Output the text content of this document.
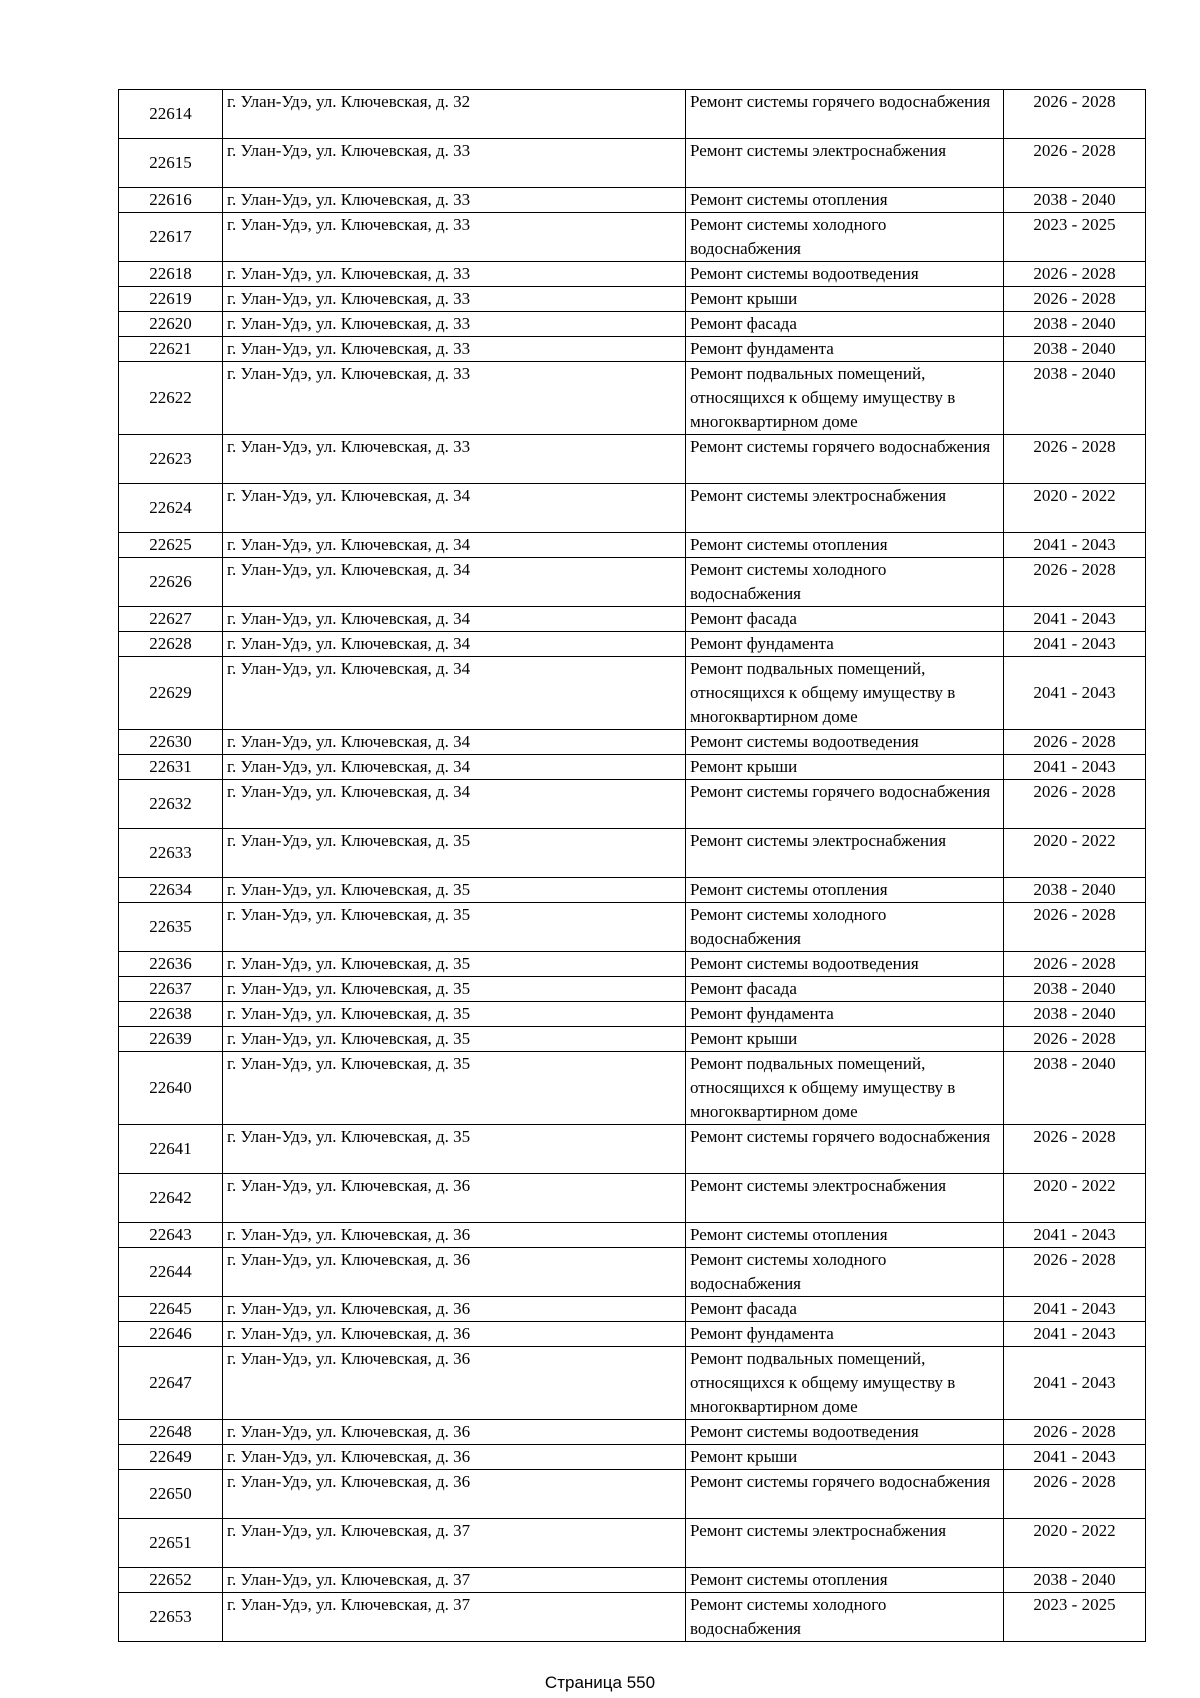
22614	г. Улан-Удэ, ул. Ключевская, д. 32	Ремонт системы горячего водоснабжения	2026 - 2028
22615	г. Улан-Удэ, ул. Ключевская, д. 33	Ремонт системы электроснабжения	2026 - 2028
22616	г. Улан-Удэ, ул. Ключевская, д. 33	Ремонт системы отопления	2038 - 2040
22617	г. Улан-Удэ, ул. Ключевская, д. 33	Ремонт системы холодного водоснабжения	2023 - 2025
22618	г. Улан-Удэ, ул. Ключевская, д. 33	Ремонт системы водоотведения	2026 - 2028
22619	г. Улан-Удэ, ул. Ключевская, д. 33	Ремонт крыши	2026 - 2028
22620	г. Улан-Удэ, ул. Ключевская, д. 33	Ремонт фасада	2038 - 2040
22621	г. Улан-Удэ, ул. Ключевская, д. 33	Ремонт фундамента	2038 - 2040
22622	г. Улан-Удэ, ул. Ключевская, д. 33	Ремонт подвальных помещений, относящихся к общему имуществу в многоквартирном доме	2038 - 2040
22623	г. Улан-Удэ, ул. Ключевская, д. 33	Ремонт системы горячего водоснабжения	2026 - 2028
22624	г. Улан-Удэ, ул. Ключевская, д. 34	Ремонт системы электроснабжения	2020 - 2022
22625	г. Улан-Удэ, ул. Ключевская, д. 34	Ремонт системы отопления	2041 - 2043
22626	г. Улан-Удэ, ул. Ключевская, д. 34	Ремонт системы холодного водоснабжения	2026 - 2028
22627	г. Улан-Удэ, ул. Ключевская, д. 34	Ремонт фасада	2041 - 2043
22628	г. Улан-Удэ, ул. Ключевская, д. 34	Ремонт фундамента	2041 - 2043
22629	г. Улан-Удэ, ул. Ключевская, д. 34	Ремонт подвальных помещений, относящихся к общему имуществу в многоквартирном доме	2041 - 2043
22630	г. Улан-Удэ, ул. Ключевская, д. 34	Ремонт системы водоотведения	2026 - 2028
22631	г. Улан-Удэ, ул. Ключевская, д. 34	Ремонт крыши	2041 - 2043
22632	г. Улан-Удэ, ул. Ключевская, д. 34	Ремонт системы горячего водоснабжения	2026 - 2028
22633	г. Улан-Удэ, ул. Ключевская, д. 35	Ремонт системы электроснабжения	2020 - 2022
22634	г. Улан-Удэ, ул. Ключевская, д. 35	Ремонт системы отопления	2038 - 2040
22635	г. Улан-Удэ, ул. Ключевская, д. 35	Ремонт системы холодного водоснабжения	2026 - 2028
22636	г. Улан-Удэ, ул. Ключевская, д. 35	Ремонт системы водоотведения	2026 - 2028
22637	г. Улан-Удэ, ул. Ключевская, д. 35	Ремонт фасада	2038 - 2040
22638	г. Улан-Удэ, ул. Ключевская, д. 35	Ремонт фундамента	2038 - 2040
22639	г. Улан-Удэ, ул. Ключевская, д. 35	Ремонт крыши	2026 - 2028
22640	г. Улан-Удэ, ул. Ключевская, д. 35	Ремонт подвальных помещений, относящихся к общему имуществу в многоквартирном доме	2038 - 2040
22641	г. Улан-Удэ, ул. Ключевская, д. 35	Ремонт системы горячего водоснабжения	2026 - 2028
22642	г. Улан-Удэ, ул. Ключевская, д. 36	Ремонт системы электроснабжения	2020 - 2022
22643	г. Улан-Удэ, ул. Ключевская, д. 36	Ремонт системы отопления	2041 - 2043
22644	г. Улан-Удэ, ул. Ключевская, д. 36	Ремонт системы холодного водоснабжения	2026 - 2028
22645	г. Улан-Удэ, ул. Ключевская, д. 36	Ремонт фасада	2041 - 2043
22646	г. Улан-Удэ, ул. Ключевская, д. 36	Ремонт фундамента	2041 - 2043
22647	г. Улан-Удэ, ул. Ключевская, д. 36	Ремонт подвальных помещений, относящихся к общему имуществу в многоквартирном доме	2041 - 2043
22648	г. Улан-Удэ, ул. Ключевская, д. 36	Ремонт системы водоотведения	2026 - 2028
22649	г. Улан-Удэ, ул. Ключевская, д. 36	Ремонт крыши	2041 - 2043
22650	г. Улан-Удэ, ул. Ключевская, д. 36	Ремонт системы горячего водоснабжения	2026 - 2028
22651	г. Улан-Удэ, ул. Ключевская, д. 37	Ремонт системы электроснабжения	2020 - 2022
22652	г. Улан-Удэ, ул. Ключевская, д. 37	Ремонт системы отопления	2038 - 2040
22653	г. Улан-Удэ, ул. Ключевская, д. 37	Ремонт системы холодного водоснабжения	2023 - 2025
Страница 550
